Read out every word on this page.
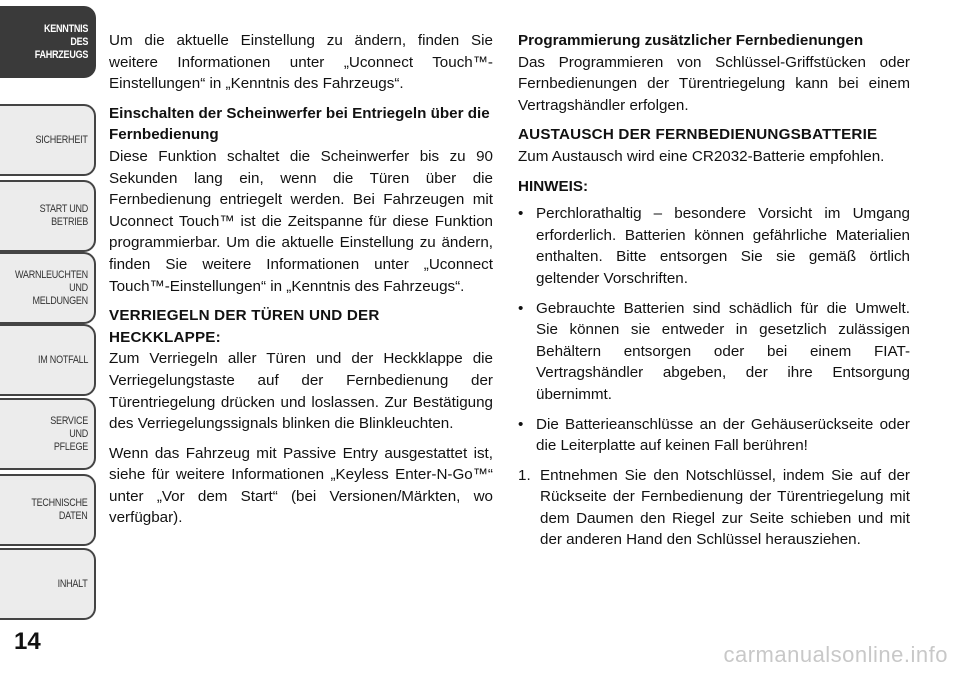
KENNTNIS
DES
FAHRZEUGS
SICHERHEIT
START UND
BETRIEB
WARNLEUCHTEN
UND
MELDUNGEN
IM NOTFALL
SERVICE
UND
PFLEGE
TECHNISCHE
DATEN
INHALT
14

Um die aktuelle Einstellung zu ändern, finden Sie weitere Informationen unter „Uconnect Touch™-Einstellungen“ in „Kenntnis des Fahrzeugs“.

Einschalten der Scheinwerfer bei Entriegeln über die Fernbedienung

Diese Funktion schaltet die Scheinwerfer bis zu 90 Sekunden lang ein, wenn die Türen über die Fernbedienung entriegelt werden. Bei Fahrzeugen mit Uconnect Touch™ ist die Zeitspanne für diese Funktion programmierbar. Um die aktuelle Einstellung zu ändern, finden Sie weitere Informationen unter „Uconnect Touch™-Einstellungen“ in „Kenntnis des Fahrzeugs“.

VERRIEGELN DER TÜREN UND DER HECKKLAPPE:

Zum Verriegeln aller Türen und der Heckklappe die Verriegelungstaste auf der Fernbedienung der Türentriegelung drücken und loslassen. Zur Bestätigung des Verriegelungssignals blinken die Blinkleuchten.

Wenn das Fahrzeug mit Passive Entry ausgestattet ist, siehe für weitere Informationen „Keyless Enter-N-Go™“ unter „Vor dem Start“ (bei Versionen/Märkten, wo verfügbar).

Programmierung zusätzlicher Fernbedienungen

Das Programmieren von Schlüssel-Griffstücken oder Fernbedienungen der Türentriegelung kann bei einem Vertragshändler erfolgen.

AUSTAUSCH DER FERNBEDIENUNGSBATTERIE

Zum Austausch wird eine CR2032-Batterie empfohlen.

HINWEIS:
• Perchlorathaltig – besondere Vorsicht im Umgang erforderlich. Batterien können gefährliche Materialien enthalten. Bitte entsorgen Sie sie gemäß örtlich geltender Vorschriften.
• Gebrauchte Batterien sind schädlich für die Umwelt. Sie können sie entweder in gesetzlich zulässigen Behältern entsorgen oder bei einem FIAT-Vertragshändler abgeben, der ihre Entsorgung übernimmt.
• Die Batterieanschlüsse an der Gehäuserückseite oder die Leiterplatte auf keinen Fall berühren!
1. Entnehmen Sie den Notschlüssel, indem Sie auf der Rückseite der Fernbedienung der Türentriegelung mit dem Daumen den Riegel zur Seite schieben und mit der anderen Hand den Schlüssel herausziehen.
carmanualsonline.info
